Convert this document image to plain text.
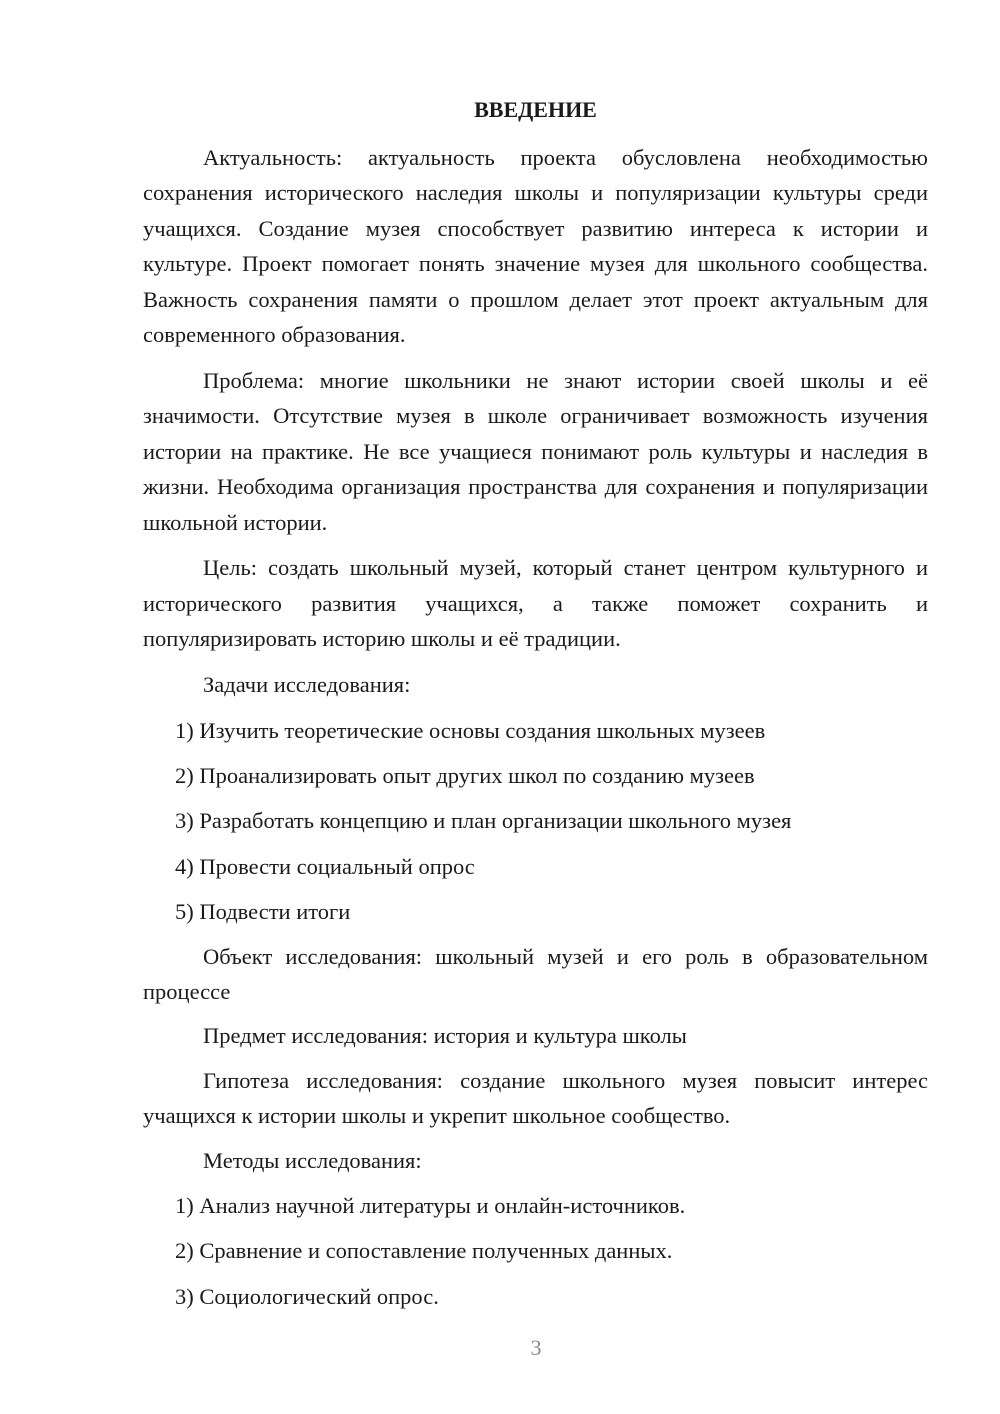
ВВЕДЕНИЕ

Актуальность: актуальность проекта обусловлена необходимостью сохранения исторического наследия школы и популяризации культуры среди учащихся. Создание музея способствует развитию интереса к истории и культуре. Проект помогает понять значение музея для школьного сообщества. Важность сохранения памяти о прошлом делает этот проект актуальным для современного образования.

Проблема: многие школьники не знают истории своей школы и её значимости. Отсутствие музея в школе ограничивает возможность изучения истории на практике. Не все учащиеся понимают роль культуры и наследия в жизни. Необходима организация пространства для сохранения и популяризации школьной истории.

Цель: создать школьный музей, который станет центром культурного и исторического развития учащихся, а также поможет сохранить и популяризировать историю школы и её традиции.

Задачи исследования:

1) Изучить теоретические основы создания школьных музеев
2) Проанализировать опыт других школ по созданию музеев
3) Разработать концепцию и план организации школьного музея
4) Провести социальный опрос
5) Подвести итоги

Объект исследования: школьный музей и его роль в образовательном процессе

Предмет исследования: история и культура школы

Гипотеза исследования: создание школьного музея повысит интерес учащихся к истории школы и укрепит школьное сообщество.

Методы исследования:

1) Анализ научной литературы и онлайн-источников.
2) Сравнение и сопоставление полученных данных.
3) Социологический опрос.
3
